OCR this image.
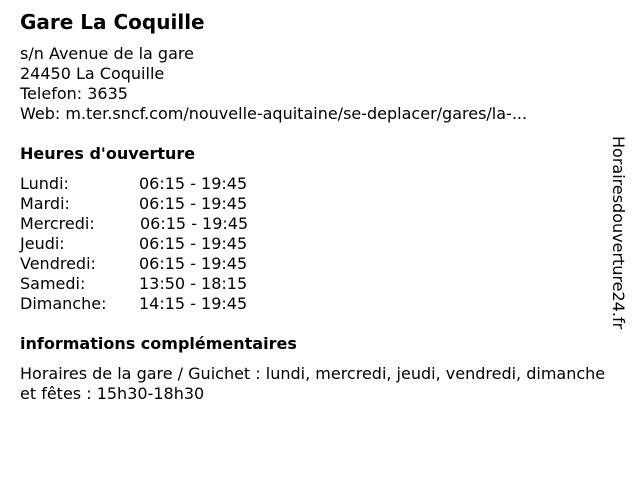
Gare La Coquille
s/n Avenue de la gare
24450 La Coquille
Telefon: 3635
Web: m.ter.sncf.com/nouvelle-aquitaine/se-deplacer/gares/la-...
Heures d'ouverture
Lundi:	06:15 - 19:45
Mardi:	06:15 - 19:45
Mercredi:	06:15 - 19:45
Jeudi:	06:15 - 19:45
Vendredi:	06:15 - 19:45
Samedi:	13:50 - 18:15
Dimanche: 14:15 - 19:45
informations complémentaires
Horaires de la gare / Guichet : lundi, mercredi, jeudi, vendredi, dimanche et fêtes : 15h30-18h30
Horairesdouverture24.fr
